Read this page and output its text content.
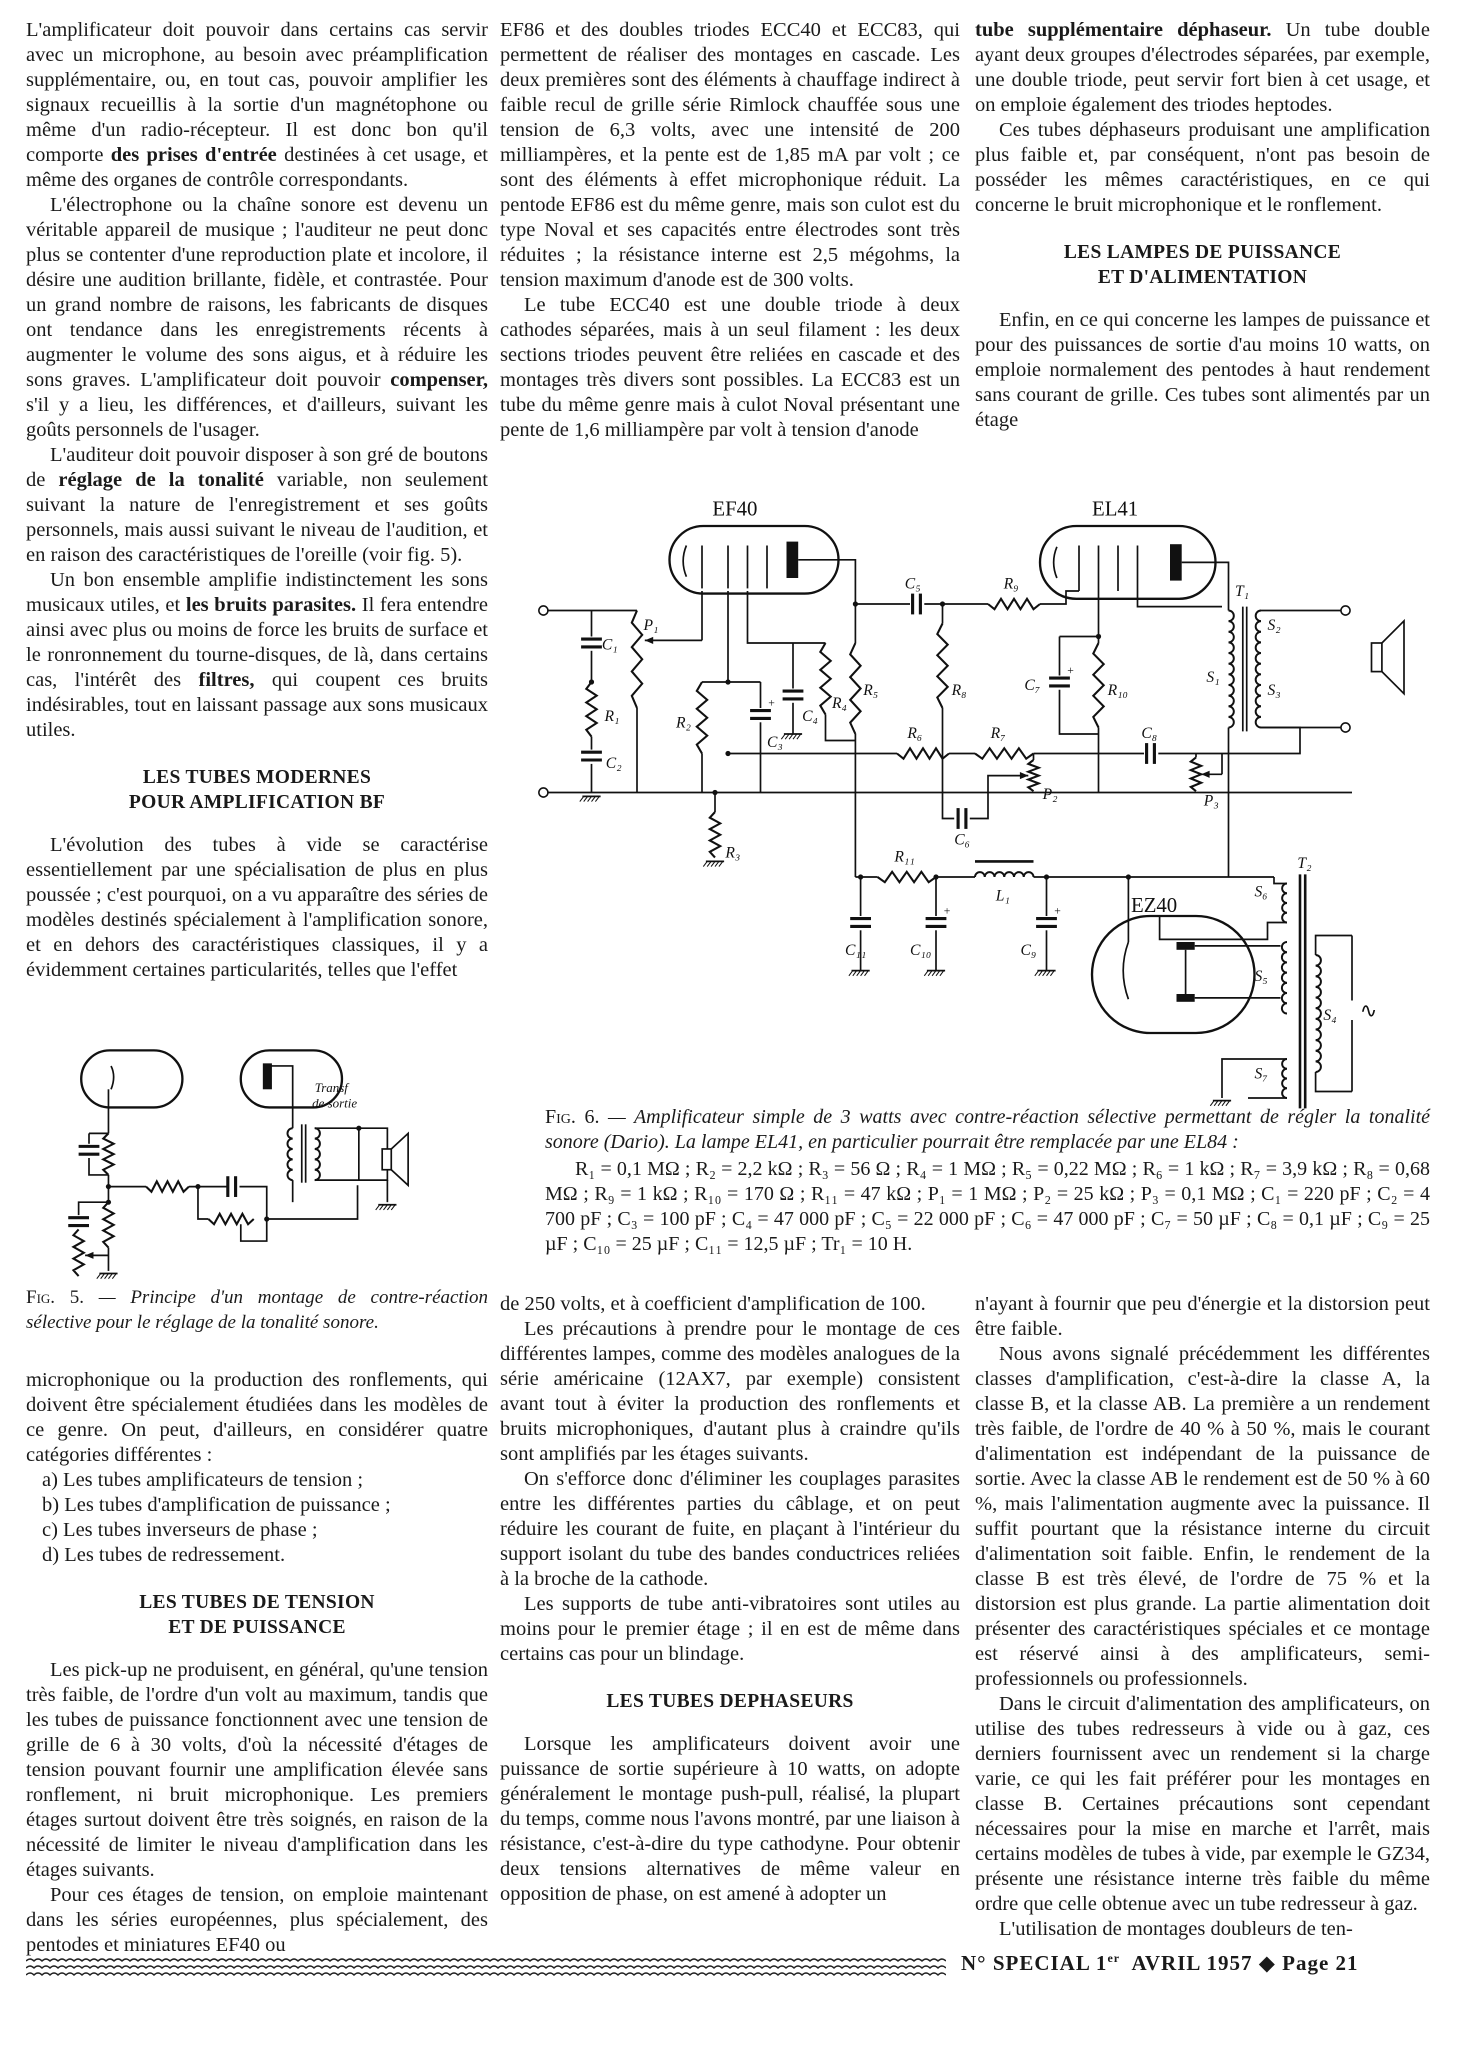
L'amplificateur doit pouvoir dans certains cas servir avec un microphone, au besoin avec préamplification supplémentaire, ou, en tout cas, pouvoir amplifier les signaux recueillis à la sortie d'un magnétophone ou même d'un radio-récepteur. Il est donc bon qu'il comporte des prises d'entrée destinées à cet usage, et même des organes de contrôle correspondants.

L'électrophone ou la chaîne sonore est devenu un véritable appareil de musique ; l'auditeur ne peut donc plus se contenter d'une reproduction plate et incolore, il désire une audition brillante, fidèle, et contrastée. Pour un grand nombre de raisons, les fabricants de disques ont tendance dans les enregistrements récents à augmenter le volume des sons aigus, et à réduire les sons graves. L'amplificateur doit pouvoir compenser, s'il y a lieu, les différences, et d'ailleurs, suivant les goûts personnels de l'usager.

L'auditeur doit pouvoir disposer à son gré de boutons de réglage de la tonalité variable, non seulement suivant la nature de l'enregistrement et ses goûts personnels, mais aussi suivant le niveau de l'audition, et en raison des caractéristiques de l'oreille (voir fig. 5).

Un bon ensemble amplifie indistinctement les sons musicaux utiles, et les bruits parasites. Il fera entendre ainsi avec plus ou moins de force les bruits de surface et le ronronnement du tourne-disques, de là, dans certains cas, l'intérêt des filtres, qui coupent ces bruits indésirables, tout en laissant passage aux sons musicaux utiles.

LES TUBES MODERNES
POUR AMPLIFICATION BF

L'évolution des tubes à vide se caractérise essentiellement par une spécialisation de plus en plus poussée ; c'est pourquoi, on a vu apparaître des séries de modèles destinés spécialement à l'amplification sonore, et en dehors des caractéristiques classiques, il y a évidemment certaines particularités, telles que l'effet

EF86 et des doubles triodes ECC40 et ECC83, qui permettent de réaliser des montages en cascade. Les deux premières sont des éléments à chauffage indirect à faible recul de grille série Rimlock chauffée sous une tension de 6,3 volts, avec une intensité de 200 milliampères, et la pente est de 1,85 mA par volt ; ce sont des éléments à effet microphonique réduit. La pentode EF86 est du même genre, mais son culot est du type Noval et ses capacités entre électrodes sont très réduites ; la résistance interne est 2,5 mégohms, la tension maximum d'anode est de 300 volts.

Le tube ECC40 est une double triode à deux cathodes séparées, mais à un seul filament : les deux sections triodes peuvent être reliées en cascade et des montages très divers sont possibles. La ECC83 est un tube du même genre mais à culot Noval présentant une pente de 1,6 milliampère par volt à tension d'anode

tube supplémentaire déphaseur. Un tube double ayant deux groupes d'électrodes séparées, par exemple, une double triode, peut servir fort bien à cet usage, et on emploie également des triodes heptodes.

Ces tubes déphaseurs produisant une amplification plus faible et, par conséquent, n'ont pas besoin de posséder les mêmes caractéristiques, en ce qui concerne le bruit microphonique et le ronflement.

LES LAMPES DE PUISSANCE
ET D'ALIMENTATION

Enfin, en ce qui concerne les lampes de puissance et pour des puissances de sortie d'au moins 10 watts, on emploie normalement des pentodes à haut rendement sans courant de grille. Ces tubes sont alimentés par un étage

+
+
+	+
∿
EF40	EL41
EZ40
C₁
R₁
C₂
P₁
R₂
C₃
C₄
R₃
R₄
R₅
C₅	R₉
R₈	C₇	R₁₀
R₆	R₇	C₈
P₂
C₆
P₃
R₁₁
L₁
C₁₁	C₁₀	C₉
T₁
S₁
S₂
S₃
T₂
S₆
S₅
S₄
S₇
Fig. 6. — Amplificateur simple de 3 watts avec contre-réaction sélective permettant de régler la tonalité sonore (Dario). La lampe EL41, en particulier pourrait être remplacée par une EL84 :
R₁ = 0,1 MΩ ; R₂ = 2,2 kΩ ; R₃ = 56 Ω ; R₄ = 1 MΩ ; R₅ = 0,22 MΩ ; R₆ = 1 kΩ ; R₇ = 3,9 kΩ ; R₈ = 0,68 MΩ ; R₉ = 1 kΩ ; R₁₀ = 170 Ω ; R₁₁ = 47 kΩ ; P₁ = 1 MΩ ; P₂ = 25 kΩ ; P₃ = 0,1 MΩ ; C₁ = 220 pF ; C₂ = 4 700 pF ; C₃ = 100 pF ; C₄ = 47 000 pF ; C₅ = 22 000 pF ; C₆ = 47 000 pF ; C₇ = 50 µF ; C₈ = 0,1 µF ; C₉ = 25 µF ; C₁₀ = 25 µF ; C₁₁ = 12,5 µF ; Tr₁ = 10 H.
Transf
de sortie
Fig. 5. — Principe d'un montage de contre-réaction sélective pour le réglage de la tonalité sonore.

microphonique ou la production des ronflements, qui doivent être spécialement étudiées dans les modèles de ce genre. On peut, d'ailleurs, en considérer quatre catégories différentes :

a) Les tubes amplificateurs de tension ;

b) Les tubes d'amplification de puissance ;

c) Les tubes inverseurs de phase ;

d) Les tubes de redressement.

LES TUBES DE TENSION
ET DE PUISSANCE

Les pick-up ne produisent, en général, qu'une tension très faible, de l'ordre d'un volt au maximum, tandis que les tubes de puissance fonctionnent avec une tension de grille de 6 à 30 volts, d'où la nécessité d'étages de tension pouvant fournir une amplification élevée sans ronflement, ni bruit microphonique. Les premiers étages surtout doivent être très soignés, en raison de la nécessité de limiter le niveau d'amplification dans les étages suivants.

Pour ces étages de tension, on emploie maintenant dans les séries européennes, plus spécialement, des pentodes et miniatures EF40 ou

de 250 volts, et à coefficient d'amplification de 100.

Les précautions à prendre pour le montage de ces différentes lampes, comme des modèles analogues de la série américaine (12AX7, par exemple) consistent avant tout à éviter la production des ronflements et bruits microphoniques, d'autant plus à craindre qu'ils sont amplifiés par les étages suivants.

On s'efforce donc d'éliminer les couplages parasites entre les différentes parties du câblage, et on peut réduire les courant de fuite, en plaçant à l'intérieur du support isolant du tube des bandes conductrices reliées à la broche de la cathode.

Les supports de tube anti-vibratoires sont utiles au moins pour le premier étage ; il en est de même dans certains cas pour un blindage.

LES TUBES DEPHASEURS

Lorsque les amplificateurs doivent avoir une puissance de sortie supérieure à 10 watts, on adopte généralement le montage push-pull, réalisé, la plupart du temps, comme nous l'avons montré, par une liaison à résistance, c'est-à-dire du type cathodyne. Pour obtenir deux tensions alternatives de même valeur en opposition de phase, on est amené à adopter un

n'ayant à fournir que peu d'énergie et la distorsion peut être faible.

Nous avons signalé précédemment les différentes classes d'amplification, c'est-à-dire la classe A, la classe B, et la classe AB. La première a un rendement très faible, de l'ordre de 40 % à 50 %, mais le courant d'alimentation est indépendant de la puissance de sortie. Avec la classe AB le rendement est de 50 % à 60 %, mais l'alimentation augmente avec la puissance. Il suffit pourtant que la résistance interne du circuit d'alimentation soit faible. Enfin, le rendement de la classe B est très élevé, de l'ordre de 75 % et la distorsion est plus grande. La partie alimentation doit présenter des caractéristiques spéciales et ce montage est réservé ainsi à des amplificateurs, semi-professionnels ou professionnels.

Dans le circuit d'alimentation des amplificateurs, on utilise des tubes redresseurs à vide ou à gaz, ces derniers fournissent avec un rendement si la charge varie, ce qui les fait préférer pour les montages en classe B. Certaines précautions sont cependant nécessaires pour la mise en marche et l'arrêt, mais certains modèles de tubes à vide, par exemple le GZ34, présente une résistance interne très faible du même ordre que celle obtenue avec un tube redresseur à gaz.

L'utilisation de montages doubleurs de ten-

N° SPECIAL 1er AVRIL 1957 ◆ Page 21
